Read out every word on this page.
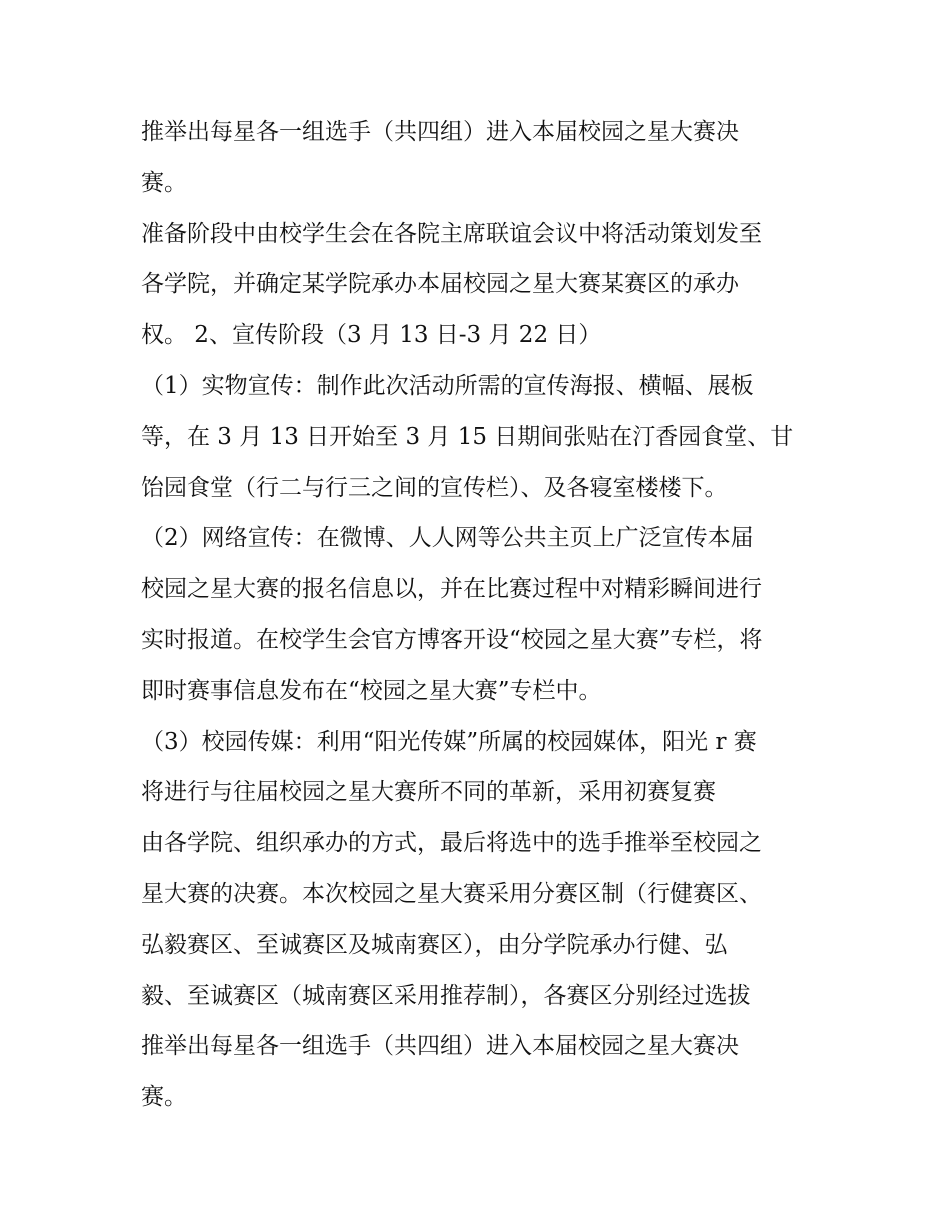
推举出每星各一组选手（共四组）进入本届校园之星大赛决
赛。
准备阶段中由校学生会在各院主席联谊会议中将活动策划发至
各学院，并确定某学院承办本届校园之星大赛某赛区的承办
权。 2、宣传阶段（3 月 13 日-3 月 22 日）
（1）实物宣传：制作此次活动所需的宣传海报、横幅、展板
等，在 3 月 13 日开始至 3 月 15 日期间张贴在汀香园食堂、甘
饴园食堂（行二与行三之间的宣传栏）、及各寝室楼楼下。
（2）网络宣传：在微博、人人网等公共主页上广泛宣传本届
校园之星大赛的报名信息以，并在比赛过程中对精彩瞬间进行
实时报道。在校学生会官方博客开设“校园之星大赛”专栏，将
即时赛事信息发布在“校园之星大赛”专栏中。
（3）校园传媒：利用“阳光传媒”所属的校园媒体，阳光 r 赛
将进行与往届校园之星大赛所不同的革新，采用初赛复赛
由各学院、组织承办的方式，最后将选中的选手推举至校园之
星大赛的决赛。本次校园之星大赛采用分赛区制（行健赛区、
弘毅赛区、至诚赛区及城南赛区），由分学院承办行健、弘
毅、至诚赛区（城南赛区采用推荐制），各赛区分别经过选拔
推举出每星各一组选手（共四组）进入本届校园之星大赛决
赛。
